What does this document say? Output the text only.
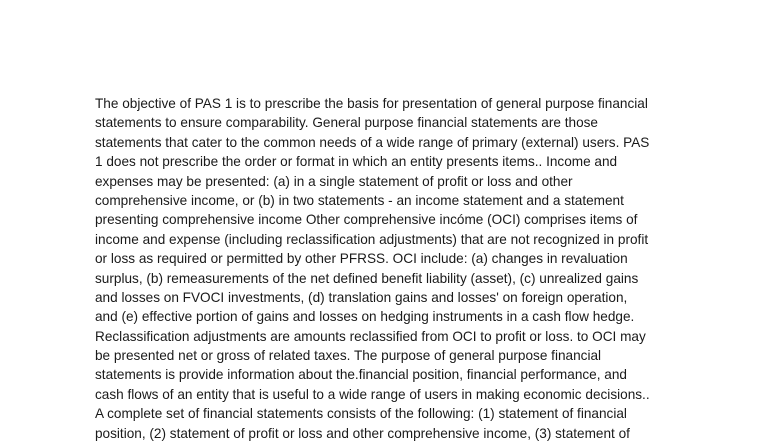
The objective of PAS 1 is to prescribe the basis for presentation of general purpose financial
statements to ensure comparability. General purpose financial statements are those
statements that cater to the common needs of a wide range of primary (external) users. PAS
1 does not prescribe the order or format in which an entity presents items.. Income and
expenses may be presented: (a) in a single statement of profit or loss and other
comprehensive income, or (b) in two statements - an income statement and a statement
presenting comprehensive income Other comprehensive incóme (OCI) comprises items of
income and expense (including reclassification adjustments) that are not recognized in profit
or loss as required or permitted by other PFRSS. OCI include: (a) changes in revaluation
surplus, (b) remeasurements of the net defined benefit liability (asset), (c) unrealized gains
and losses on FVOCI investments, (d) translation gains and losses' on foreign operation,
and (e) effective portion of gains and losses on hedging instruments in a cash flow hedge.
Reclassification adjustments are amounts reclassified from OCI to profit or loss. to OCI may
be presented net or gross of related taxes. The purpose of general purpose financial
statements is provide information about the.financial position, financial performance, and
cash flows of an entity that is useful to a wide range of users in making economic decisions..
A complete set of financial statements consists of the following: (1) statement of financial
position, (2) statement of profit or loss and other comprehensive income, (3) statement of
